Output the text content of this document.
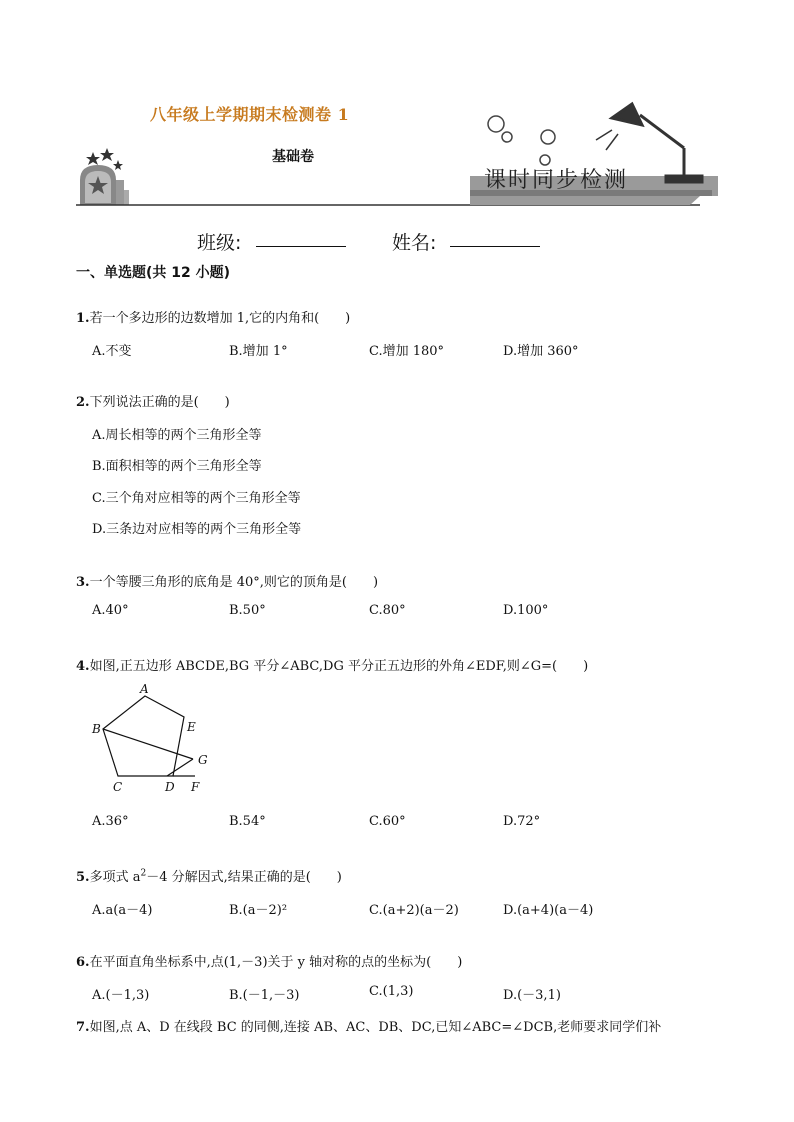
八年级上学期期末检测卷 1
基础卷
课时同步检测
班级:	姓名:
一、单选题(共 12 小题)
1.若一个多边形的边数增加 1,它的内角和(　　)
A.不变	B.增加 1°	C.增加 180°	D.增加 360°
2.下列说法正确的是(　　)
A.周长相等的两个三角形全等
B.面积相等的两个三角形全等
C.三个角对应相等的两个三角形全等
D.三条边对应相等的两个三角形全等
3.一个等腰三角形的底角是 40°,则它的顶角是(　　)
A.40°	B.50°	C.80°	D.100°
4.如图,正五边形 ABCDE,BG 平分∠ABC,DG 平分正五边形的外角∠EDF,则∠G=(　　)
A
B	E
G
C	D F
A.36°	B.54°	C.60°	D.72°
5.多项式 $a^2-4$ 分解因式,结果正确的是(　　)
A.a(a－4)	B.(a－2)²	C.(a+2)(a－2)	D.(a+4)(a－4)
6.在平面直角坐标系中,点(1,－3)关于 y 轴对称的点的坐标为(　　)
A.(－1,3)	B.(－1,－3)	C.(1,3)	D.(－3,1)
7.如图,点 A、D 在线段 BC 的同侧,连接 AB、AC、DB、DC,已知∠ABC=∠DCB,老师要求同学们补
